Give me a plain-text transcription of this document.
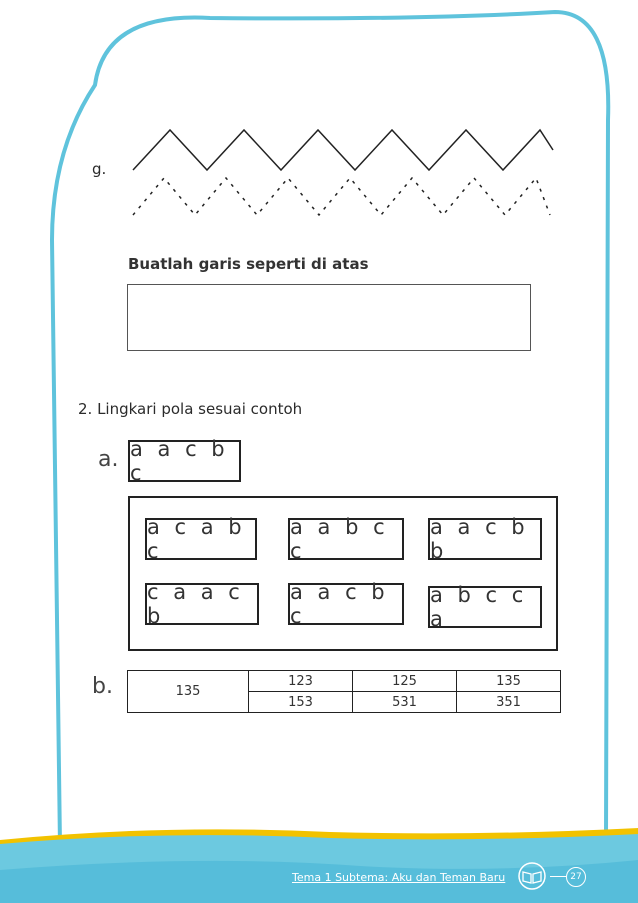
g.
Buatlah garis seperti di atas
2. Lingkari pola sesuai contoh
a. a a c b c
a c a b c
a a b c c
a a c b b
c a a c b
a a c b c
a b c c a
b.	135	123	125	135
	153	531	351
Tema 1 Subtema: Aku dan Teman Baru	27
